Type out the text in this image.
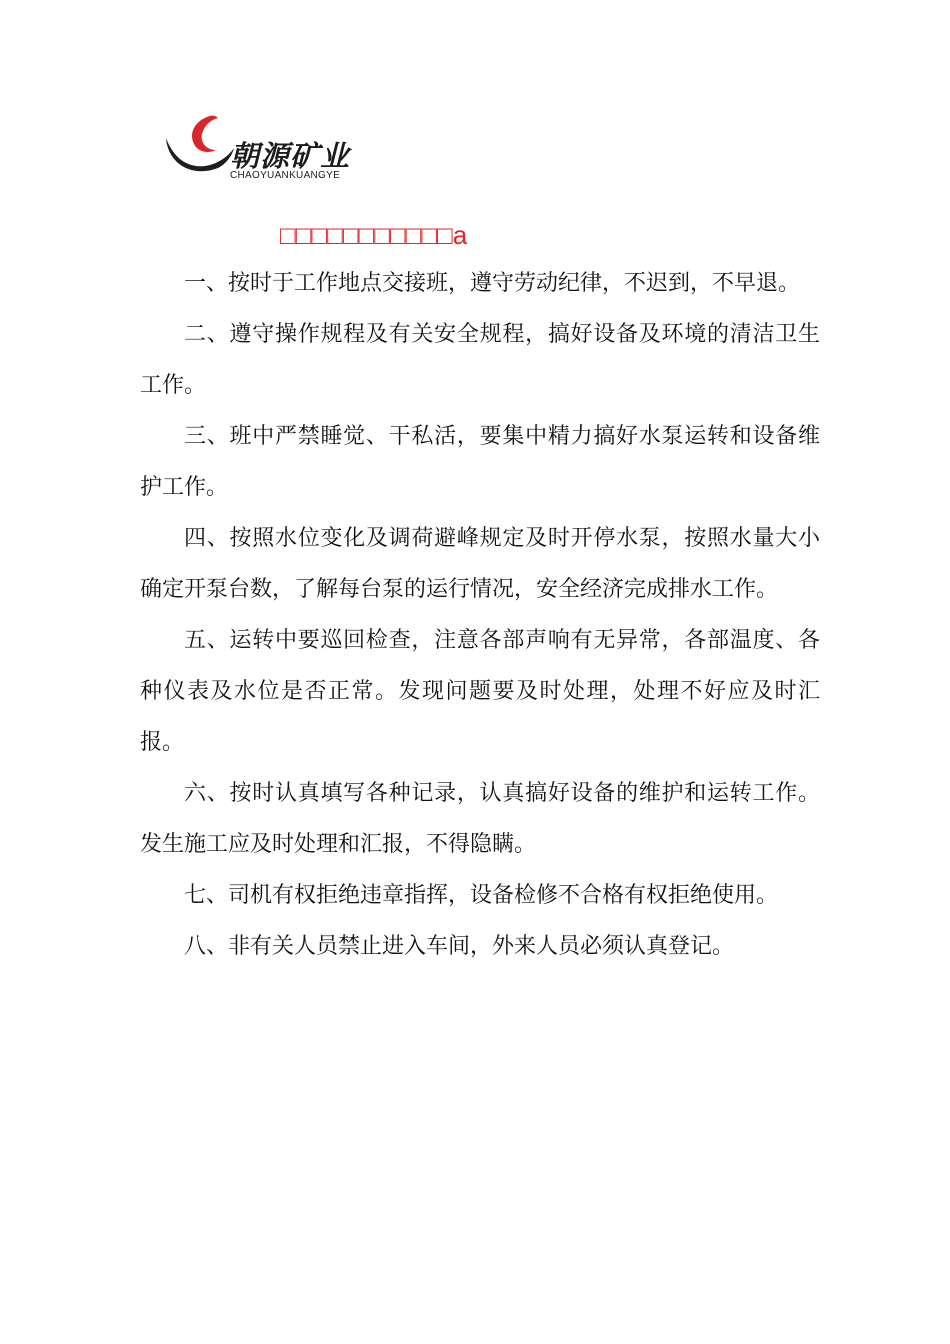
朝源矿业
CHAOYUANKUANGYE
□□□□□□□□□□□a

一、按时于工作地点交接班，遵守劳动纪律，不迟到，不早退。

二、遵守操作规程及有关安全规程，搞好设备及环境的清洁卫生工作。

三、班中严禁睡觉、干私活，要集中精力搞好水泵运转和设备维护工作。

四、按照水位变化及调荷避峰规定及时开停水泵，按照水量大小确定开泵台数，了解每台泵的运行情况，安全经济完成排水工作。

五、运转中要巡回检查，注意各部声响有无异常，各部温度、各种仪表及水位是否正常。发现问题要及时处理，处理不好应及时汇报。

六、按时认真填写各种记录，认真搞好设备的维护和运转工作。发生施工应及时处理和汇报，不得隐瞒。

七、司机有权拒绝违章指挥，设备检修不合格有权拒绝使用。

八、非有关人员禁止进入车间，外来人员必须认真登记。
